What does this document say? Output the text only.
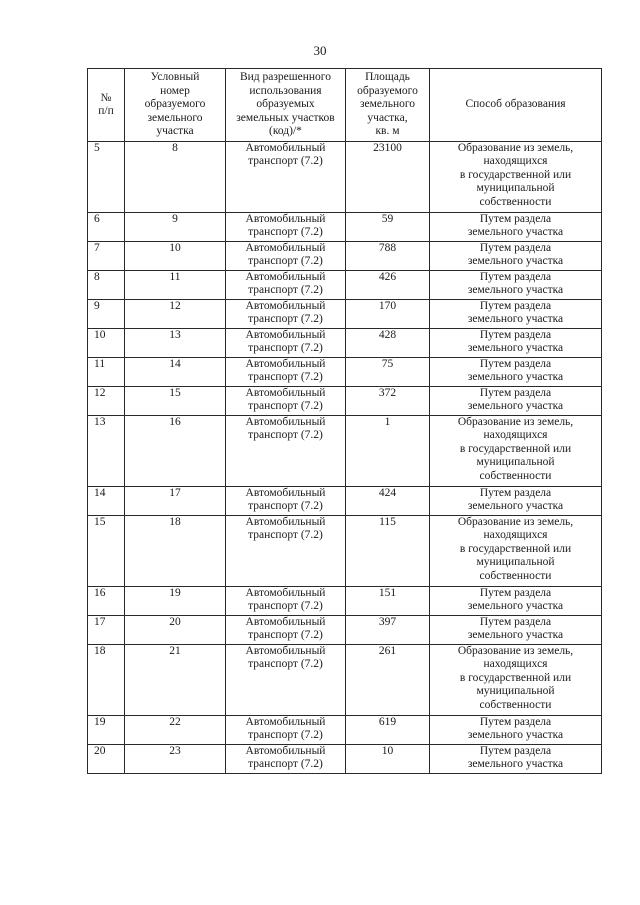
30
№
п/п	Условный
номер
образуемого
земельного
участка	Вид разрешенного
использования
образуемых
земельных участков
(код)/*	Площадь
образуемого
земельного
участка,
кв. м	Способ образования

5	8	Автомобильный
транспорт (7.2)	23100	Образование из земель,
находящихся
в государственной или
муниципальной
собственности

6	9	Автомобильный
транспорт (7.2)	59	Путем раздела
земельного участка

7	10	Автомобильный
транспорт (7.2)	788	Путем раздела
земельного участка

8	11	Автомобильный
транспорт (7.2)	426	Путем раздела
земельного участка

9	12	Автомобильный
транспорт (7.2)	170	Путем раздела
земельного участка

10	13	Автомобильный
транспорт (7.2)	428	Путем раздела
земельного участка

11	14	Автомобильный
транспорт (7.2)	75	Путем раздела
земельного участка

12	15	Автомобильный
транспорт (7.2)	372	Путем раздела
земельного участка

13	16	Автомобильный
транспорт (7.2)	1	Образование из земель,
находящихся
в государственной или
муниципальной
собственности

14	17	Автомобильный
транспорт (7.2)	424	Путем раздела
земельного участка

15	18	Автомобильный
транспорт (7.2)	115	Образование из земель,
находящихся
в государственной или
муниципальной
собственности

16	19	Автомобильный
транспорт (7.2)	151	Путем раздела
земельного участка

17	20	Автомобильный
транспорт (7.2)	397	Путем раздела
земельного участка

18	21	Автомобильный
транспорт (7.2)	261	Образование из земель,
находящихся
в государственной или
муниципальной
собственности

19	22	Автомобильный
транспорт (7.2)	619	Путем раздела
земельного участка

20	23	Автомобильный
транспорт (7.2)	10	Путем раздела
земельного участка
